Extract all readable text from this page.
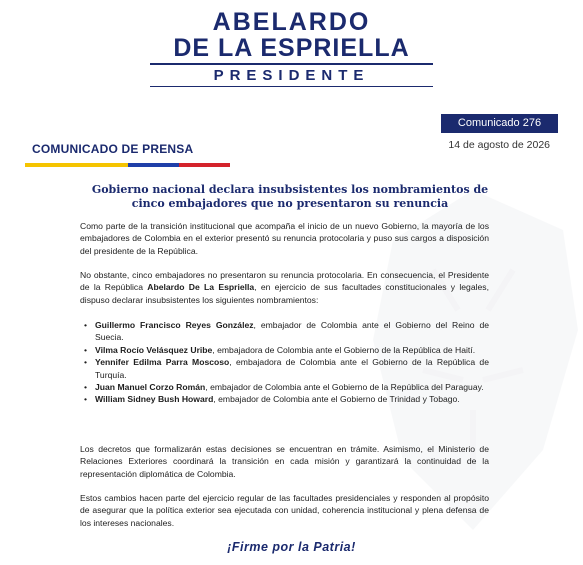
ABELARDO
DE LA ESPRIELLA
PRESIDENTE
Comunicado 276
14 de agosto de 2026
COMUNICADO DE PRENSA
Gobierno nacional declara insubsistentes los nombramientos de
cinco embajadores que no presentaron su renuncia
Como parte de la transición institucional que acompaña el inicio de un nuevo Gobierno, la mayoría de los embajadores de Colombia en el exterior presentó su renuncia protocolaria y puso sus cargos a disposición del presidente de la República.
No obstante, cinco embajadores no presentaron su renuncia protocolaria. En consecuencia, el Presidente de la República Abelardo De La Espriella, en ejercicio de sus facultades constitucionales y legales, dispuso declarar insubsistentes los siguientes nombramientos:
• Guillermo Francisco Reyes González, embajador de Colombia ante el Gobierno del Reino de Suecia.
• Vilma Rocío Velásquez Uribe, embajadora de Colombia ante el Gobierno de la República de Haití.
• Yennifer Edilma Parra Moscoso, embajadora de Colombia ante el Gobierno de la República de Turquía.
• Juan Manuel Corzo Román, embajador de Colombia ante el Gobierno de la República del Paraguay.
• William Sidney Bush Howard, embajador de Colombia ante el Gobierno de Trinidad y Tobago.
Los decretos que formalizarán estas decisiones se encuentran en trámite. Asimismo, el Ministerio de Relaciones Exteriores coordinará la transición en cada misión y garantizará la continuidad de la representación diplomática de Colombia.
Estos cambios hacen parte del ejercicio regular de las facultades presidenciales y responden al propósito de asegurar que la política exterior sea ejecutada con unidad, coherencia institucional y plena defensa de los intereses nacionales.
¡Firme por la Patria!
